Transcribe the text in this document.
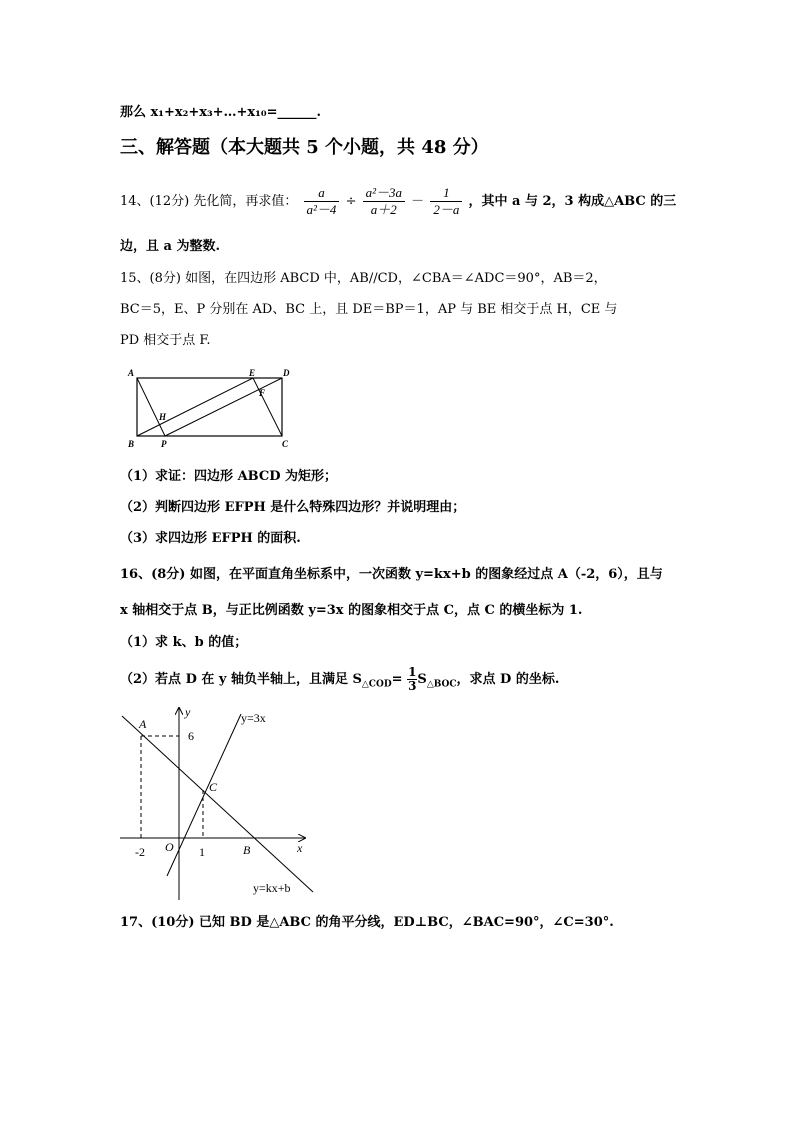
那么 x₁+x₂+x₃+…+x₁₀=______.
三、解答题（本大题共 5 个小题，共 48 分）
14、(12分) 先化简，再求值： $\frac{a}{\text{a²－4}} \div \frac{\text{a²－3a}}{a+2} - \frac{1}{2-a}$ ，其中 a 与 2，3 构成△ABC 的三
边，且 a 为整数.
15、(8分) 如图，在四边形 ABCD 中，AB//CD，∠CBA＝∠ADC＝90°，AB＝2，
BC＝5，E、P 分别在 AD、BC 上，且 DE＝BP＝1，AP 与 BE 相交于点 H，CE 与
PD 相交于点 F.
A
B	C
D
E
F
H
P
（1）求证：四边形 ABCD 为矩形；
（2）判断四边形 EFPH 是什么特殊四边形？并说明理由；
（3）求四边形 EFPH 的面积.
16、(8分) 如图，在平面直角坐标系中，一次函数 y=kx+b 的图象经过点 A（-2，6），且与
x 轴相交于点 B，与正比例函数 y=3x 的图象相交于点 C，点 C 的横坐标为 1.
（1）求 k、b 的值；
（2）若点 D 在 y 轴负半轴上，且满足 $S_{\triangle COD}= \frac{1}{3} S_{\triangle BOC}$，求点 D 的坐标.
y
x
O
A
B
C
6
-2	1
y=3x
y=kx+b
17、(10分) 已知 BD 是△ABC 的角平分线，ED⊥BC，∠BAC=90°，∠C=30°.
